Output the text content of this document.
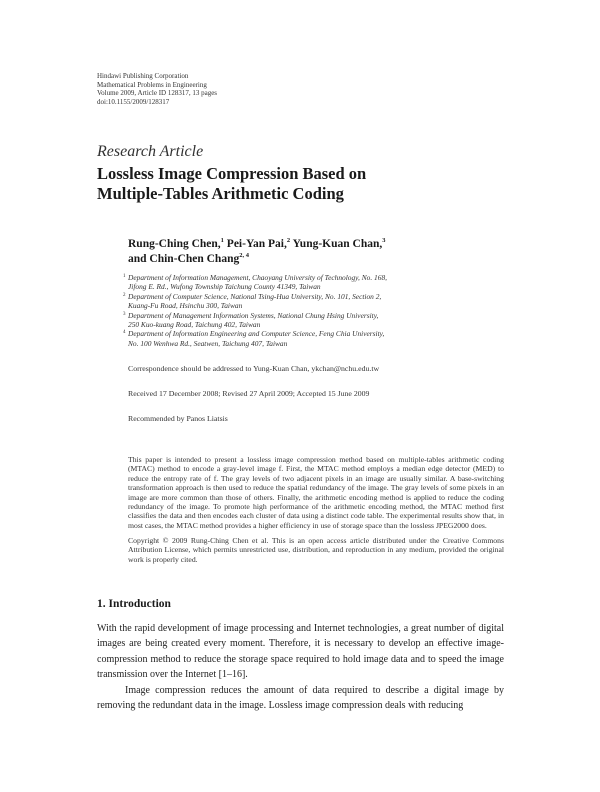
Hindawi Publishing Corporation
Mathematical Problems in Engineering
Volume 2009, Article ID 128317, 13 pages
doi:10.1155/2009/128317
Research Article
Lossless Image Compression Based on
Multiple-Tables Arithmetic Coding
Rung-Ching Chen,$^1$ Pei-Yan Pai,$^2$ Yung-Kuan Chan,$^3$
and Chin-Chen Chang$^{2, 4}$
1 Department of Information Management, Chaoyang University of Technology, No. 168,
Jifong E. Rd., Wufong Township Taichung County 41349, Taiwan
2 Department of Computer Science, National Tsing-Hua University, No. 101, Section 2,
Kuang-Fu Road, Hsinchu 300, Taiwan
3 Department of Management Information Systems, National Chung Hsing University,
250 Kuo-kuang Road, Taichung 402, Taiwan
4 Department of Information Engineering and Computer Science, Feng Chia University,
No. 100 Wenhwa Rd., Seatwen, Taichung 407, Taiwan
Correspondence should be addressed to Yung-Kuan Chan, ykchan@nchu.edu.tw
Received 17 December 2008; Revised 27 April 2009; Accepted 15 June 2009
Recommended by Panos Liatsis
This paper is intended to present a lossless image compression method based on multiple-tables arithmetic coding (MTAC) method to encode a gray-level image f. First, the MTAC method employs a median edge detector (MED) to reduce the entropy rate of f. The gray levels of two adjacent pixels in an image are usually similar. A base-switching transformation approach is then used to reduce the spatial redundancy of the image. The gray levels of some pixels in an image are more common than those of others. Finally, the arithmetic encoding method is applied to reduce the coding redundancy of the image. To promote high performance of the arithmetic encoding method, the MTAC method first classifies the data and then encodes each cluster of data using a distinct code table. The experimental results show that, in most cases, the MTAC method provides a higher efficiency in use of storage space than the lossless JPEG2000 does.
Copyright © 2009 Rung-Ching Chen et al. This is an open access article distributed under the Creative Commons Attribution License, which permits unrestricted use, distribution, and reproduction in any medium, provided the original work is properly cited.
1. Introduction

With the rapid development of image processing and Internet technologies, a great number of digital images are being created every moment. Therefore, it is necessary to develop an effective image-compression method to reduce the storage space required to hold image data and to speed the image transmission over the Internet [1–16].

Image compression reduces the amount of data required to describe a digital image by removing the redundant data in the image. Lossless image compression deals with reducing
